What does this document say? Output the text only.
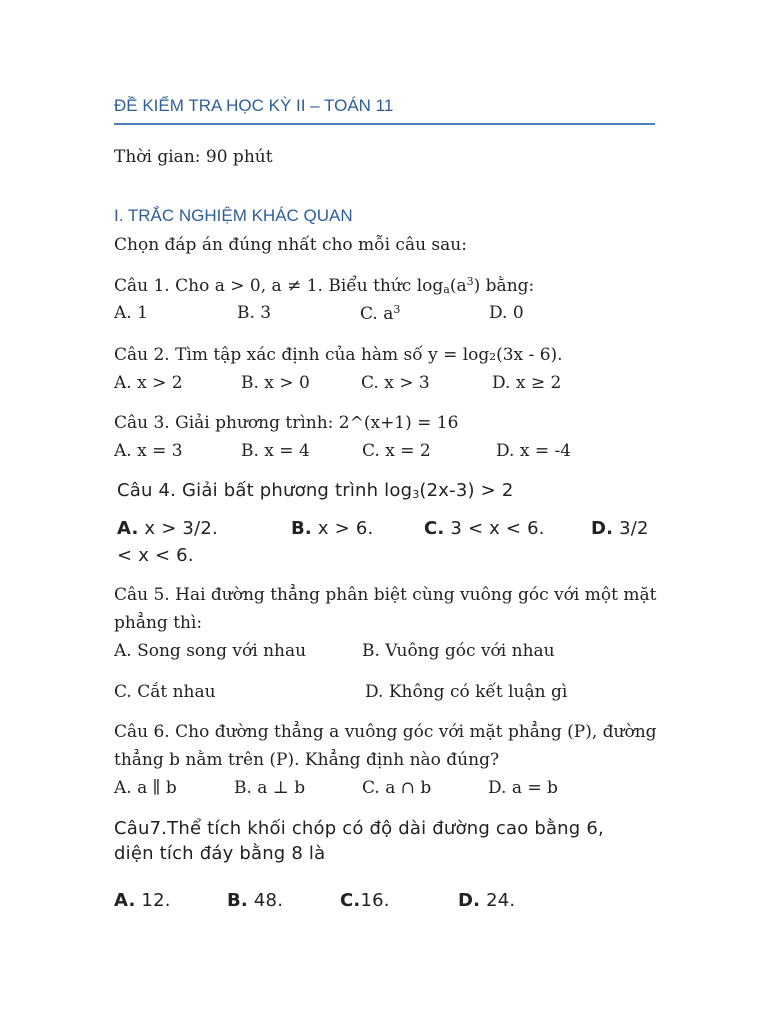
ĐỀ KIỂM TRA HỌC KỲ II – TOÁN 11
Thời gian: 90 phút
I. TRẮC NGHIỆM KHÁC QUAN
Chọn đáp án đúng nhất cho mỗi câu sau:
Câu 1. Cho a > 0, a ≠ 1. Biểu thức $\log_a(a^3)$ bằng:
A. 1	B. 3	C. $a^3$	D. 0
Câu 2. Tìm tập xác định của hàm số y = log₂(3x - 6).
A. x > 2	B. x > 0	C. x > 3	D. x ≥ 2
Câu 3. Giải phương trình: 2^(x+1) = 16
A. x = 3	B. x = 4	C. x = 2	D. x = -4
Câu 4. Giải bất phương trình $\log_3(2x-3) > 2$
A. x > 3/2.	B. x > 6.	C. 3 < x < 6.	D. 3/2
< x < 6.
Câu 5. Hai đường thẳng phân biệt cùng vuông góc với một mặt
phẳng thì:
A. Song song với nhau	B. Vuông góc với nhau
C. Cắt nhau	D. Không có kết luận gì
Câu 6. Cho đường thẳng a vuông góc với mặt phẳng (P), đường
thẳng b nằm trên (P). Khẳng định nào đúng?
A. a ∥ b	B. a ⊥ b	C. a ∩ b	D. a = b
Câu7.Thể tích khối chóp có độ dài đường cao bằng 6,
diện tích đáy bằng 8 là
A. 12.	B. 48.	C.16.	D. 24.
